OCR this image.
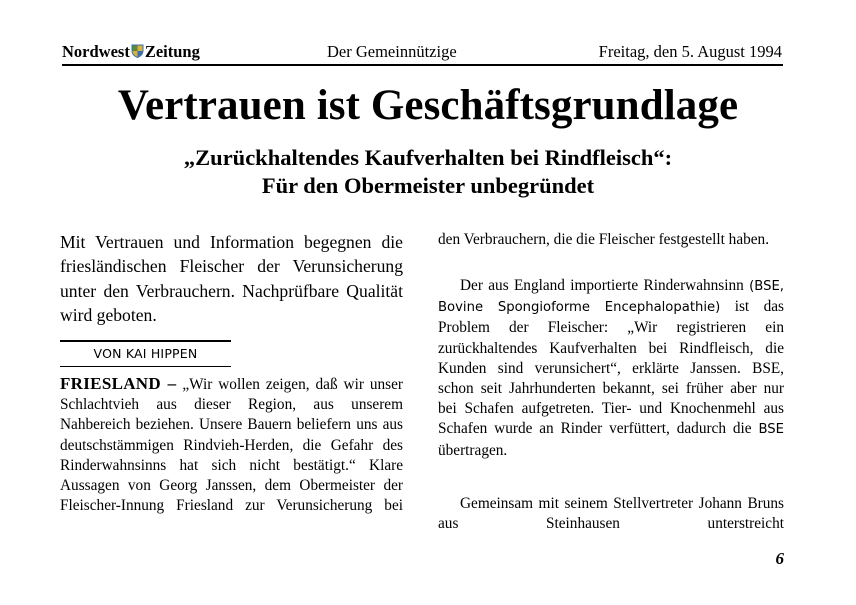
Nordwest Zeitung	Der Gemeinnützige	Freitag, den 5. August 1994
Vertrauen ist Geschäftsgrundlage
„Zurückhaltendes Kaufverhalten bei Rindfleisch“:
Für den Obermeister unbegründet

Mit Vertrauen und Information begegnen die friesländischen Fleischer der Verunsicherung unter den Verbrauchern. Nachprüfbare Qualität wird geboten.

VON KAI HIPPEN

FRIESLAND – „Wir wollen zeigen, daß wir unser Schlachtvieh aus dieser Region, aus unserem Nahbereich beziehen. Unsere Bauern beliefern uns aus deutschstämmigen Rindvieh-Herden, die Gefahr des Rinderwahnsinns hat sich nicht bestätigt.“ Klare Aussagen von Georg Janssen, dem Obermeister der Fleischer-Innung Friesland zur Verunsicherung bei

den Verbrauchern, die die Fleischer festgestellt haben.

Der aus England importierte Rinderwahnsinn (BSE, Bovine Spongioforme Encephalopathie) ist das Problem der Fleischer: „Wir registrieren ein zurückhaltendes Kaufverhalten bei Rindfleisch, die Kunden sind verunsichert“, erklärte Janssen. BSE, schon seit Jahrhunderten bekannt, sei früher aber nur bei Schafen aufgetreten. Tier- und Knochenmehl aus Schafen wurde an Rinder verfüttert, dadurch die BSE übertragen.

Gemeinsam mit seinem Stellvertreter Johann Bruns aus Steinhausen unterstreicht

6
